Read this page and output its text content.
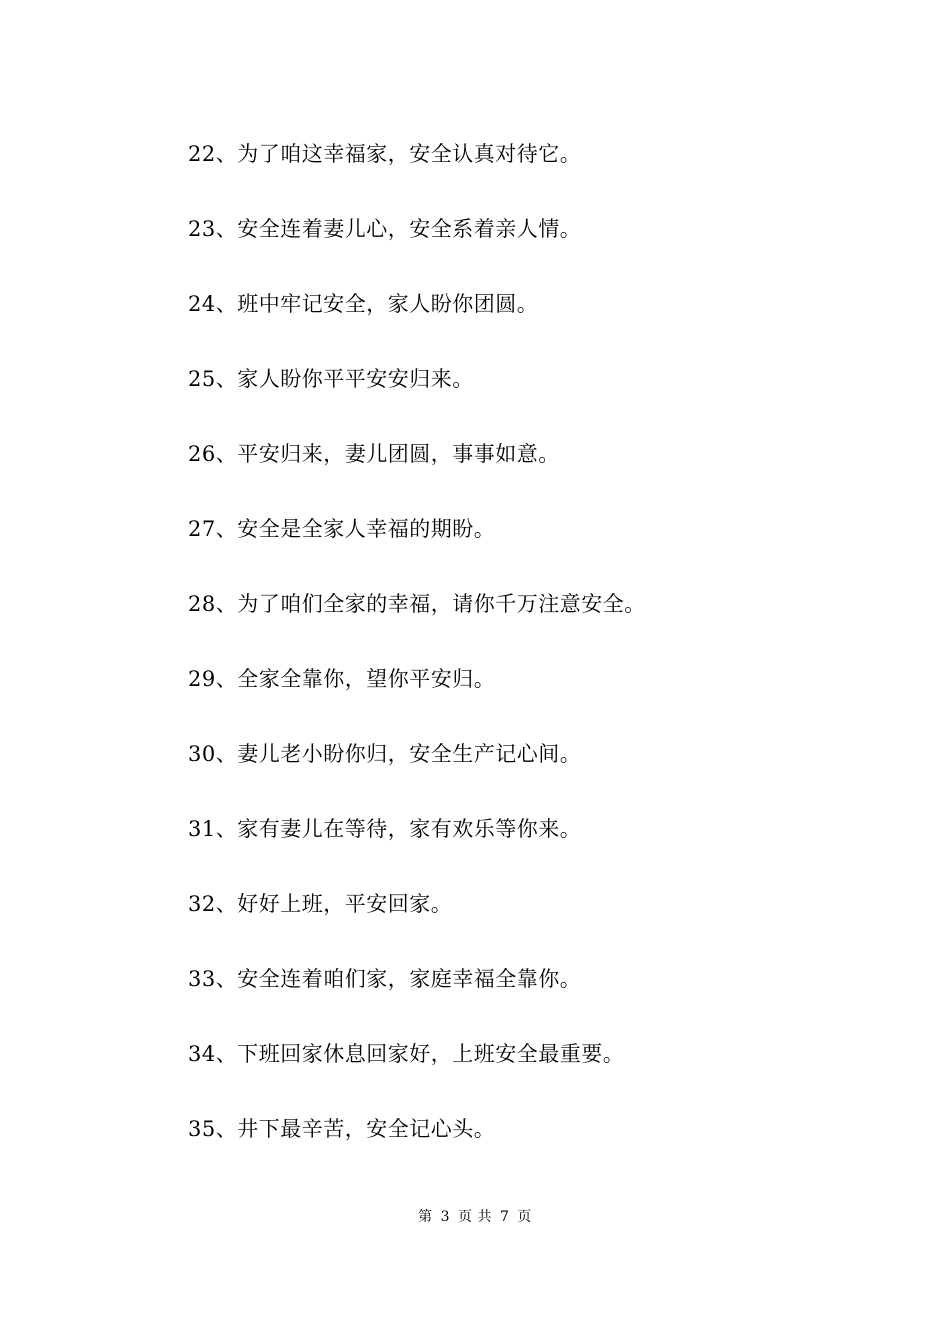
22、为了咱这幸福家，安全认真对待它。
23、安全连着妻儿心，安全系着亲人情。
24、班中牢记安全，家人盼你团圆。
25、家人盼你平平安安归来。
26、平安归来，妻儿团圆，事事如意。
27、安全是全家人幸福的期盼。
28、为了咱们全家的幸福，请你千万注意安全。
29、全家全靠你，望你平安归。
30、妻儿老小盼你归，安全生产记心间。
31、家有妻儿在等待，家有欢乐等你来。
32、好好上班，平安回家。
33、安全连着咱们家，家庭幸福全靠你。
34、下班回家休息回家好，上班安全最重要。
35、井下最辛苦，安全记心头。
第 3 页 共 7 页
